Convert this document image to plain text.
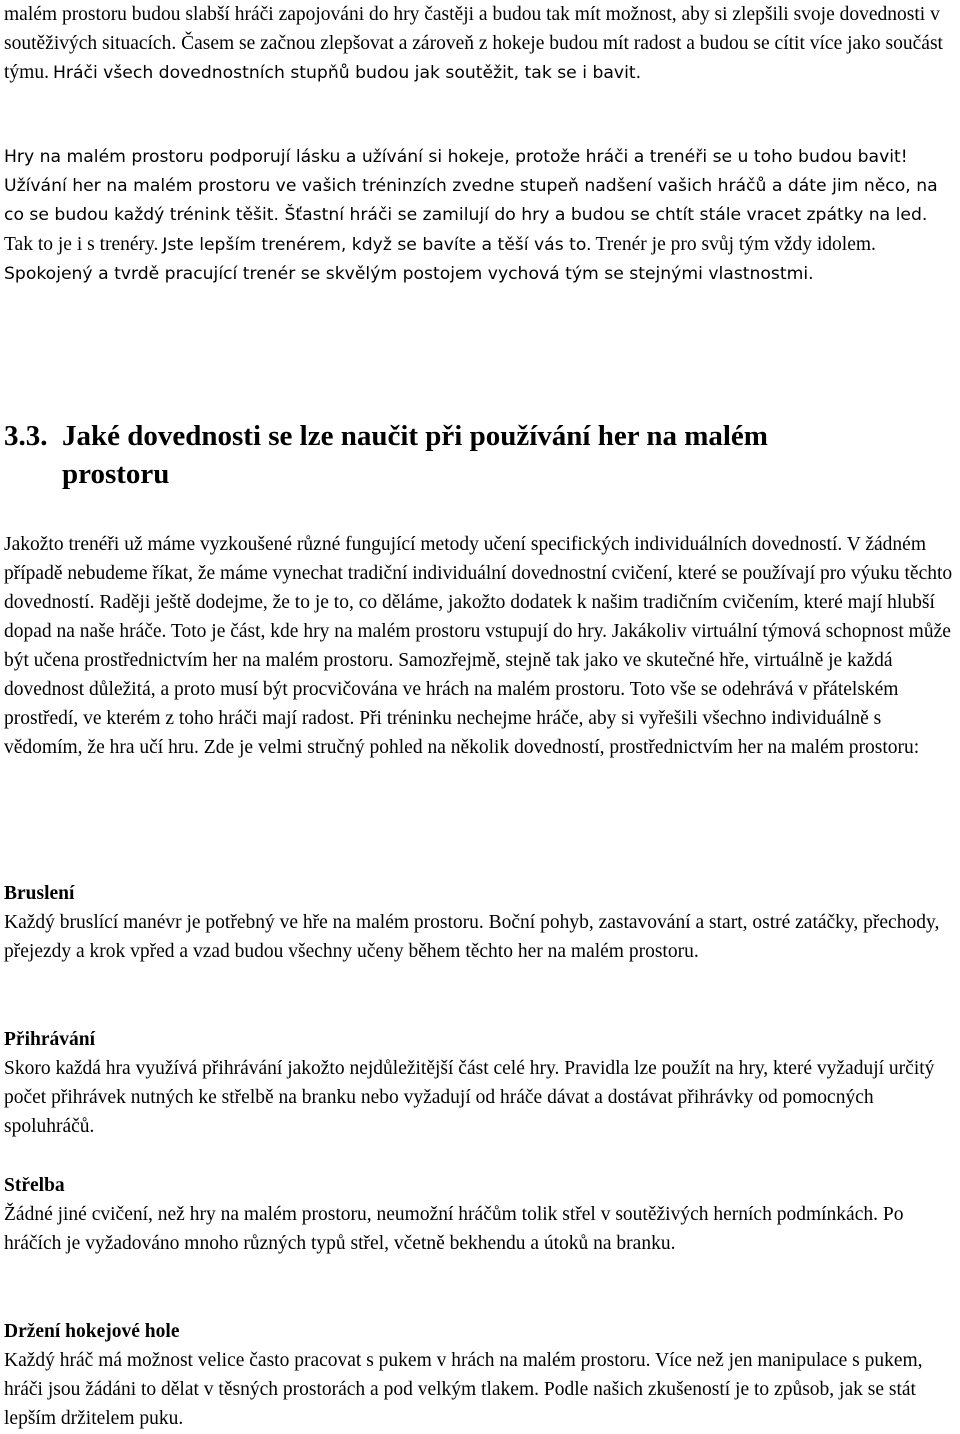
malém prostoru budou slabší hráči zapojováni do hry častěji a budou tak mít možnost, aby si zlepšili svoje dovednosti v soutěživých situacích. Časem se začnou zlepšovat a zároveň z hokeje budou mít radost a budou se cítit více jako součást týmu. Hráči všech dovednostních stupňů budou jak soutěžit, tak se i bavit.

Hry na malém prostoru podporují lásku a užívání si hokeje, protože hráči a trenéři se u toho budou bavit! Užívání her na malém prostoru ve vašich tréninzích zvedne stupeň nadšení vašich hráčů a dáte jim něco, na co se budou každý trénink těšit. Šťastní hráči se zamilují do hry a budou se chtít stále vracet zpátky na led. Tak to je i s trenéry. Jste lepším trenérem, když se bavíte a těší vás to. Trenér je pro svůj tým vždy idolem. Spokojený a tvrdě pracující trenér se skvělým postojem vychová tým se stejnými vlastnostmi.

3.3. Jaké dovednosti se lze naučit při používání her na malém
prostoru

Jakožto trenéři už máme vyzkoušené různé fungující metody učení specifických individuálních dovedností. V žádném případě nebudeme říkat, že máme vynechat tradiční individuální dovednostní cvičení, které se používají pro výuku těchto dovedností. Raději ještě dodejme, že to je to, co děláme, jakožto dodatek k našim tradičním cvičením, které mají hlubší dopad na naše hráče. Toto je část, kde hry na malém prostoru vstupují do hry. Jakákoliv virtuální týmová schopnost může být učena prostřednictvím her na malém prostoru. Samozřejmě, stejně tak jako ve skutečné hře, virtuálně je každá dovednost důležitá, a proto musí být procvičována ve hrách na malém prostoru. Toto vše se odehrává v přátelském prostředí, ve kterém z toho hráči mají radost. Při tréninku nechejme hráče, aby si vyřešili všechno individuálně s vědomím, že hra učí hru. Zde je velmi stručný pohled na několik dovedností, prostřednictvím her na malém prostoru:

Bruslení

Každý bruslící manévr je potřebný ve hře na malém prostoru. Boční pohyb, zastavování a start, ostré zatáčky, přechody, přejezdy a krok vpřed a vzad budou všechny učeny během těchto her na malém prostoru.

Přihrávání

Skoro každá hra využívá přihrávání jakožto nejdůležitější část celé hry. Pravidla lze použít na hry, které vyžadují určitý počet přihrávek nutných ke střelbě na branku nebo vyžadují od hráče dávat a dostávat přihrávky od pomocných spoluhráčů.

Střelba

Žádné jiné cvičení, než hry na malém prostoru, neumožní hráčům tolik střel v soutěživých herních podmínkách. Po hráčích je vyžadováno mnoho různých typů střel, včetně bekhendu a útoků na branku.

Držení hokejové hole

Každý hráč má možnost velice často pracovat s pukem v hrách na malém prostoru. Více než jen manipulace s pukem, hráči jsou žádáni to dělat v těsných prostorách a pod velkým tlakem. Podle našich zkušeností je to způsob, jak se stát lepším držitelem puku.
